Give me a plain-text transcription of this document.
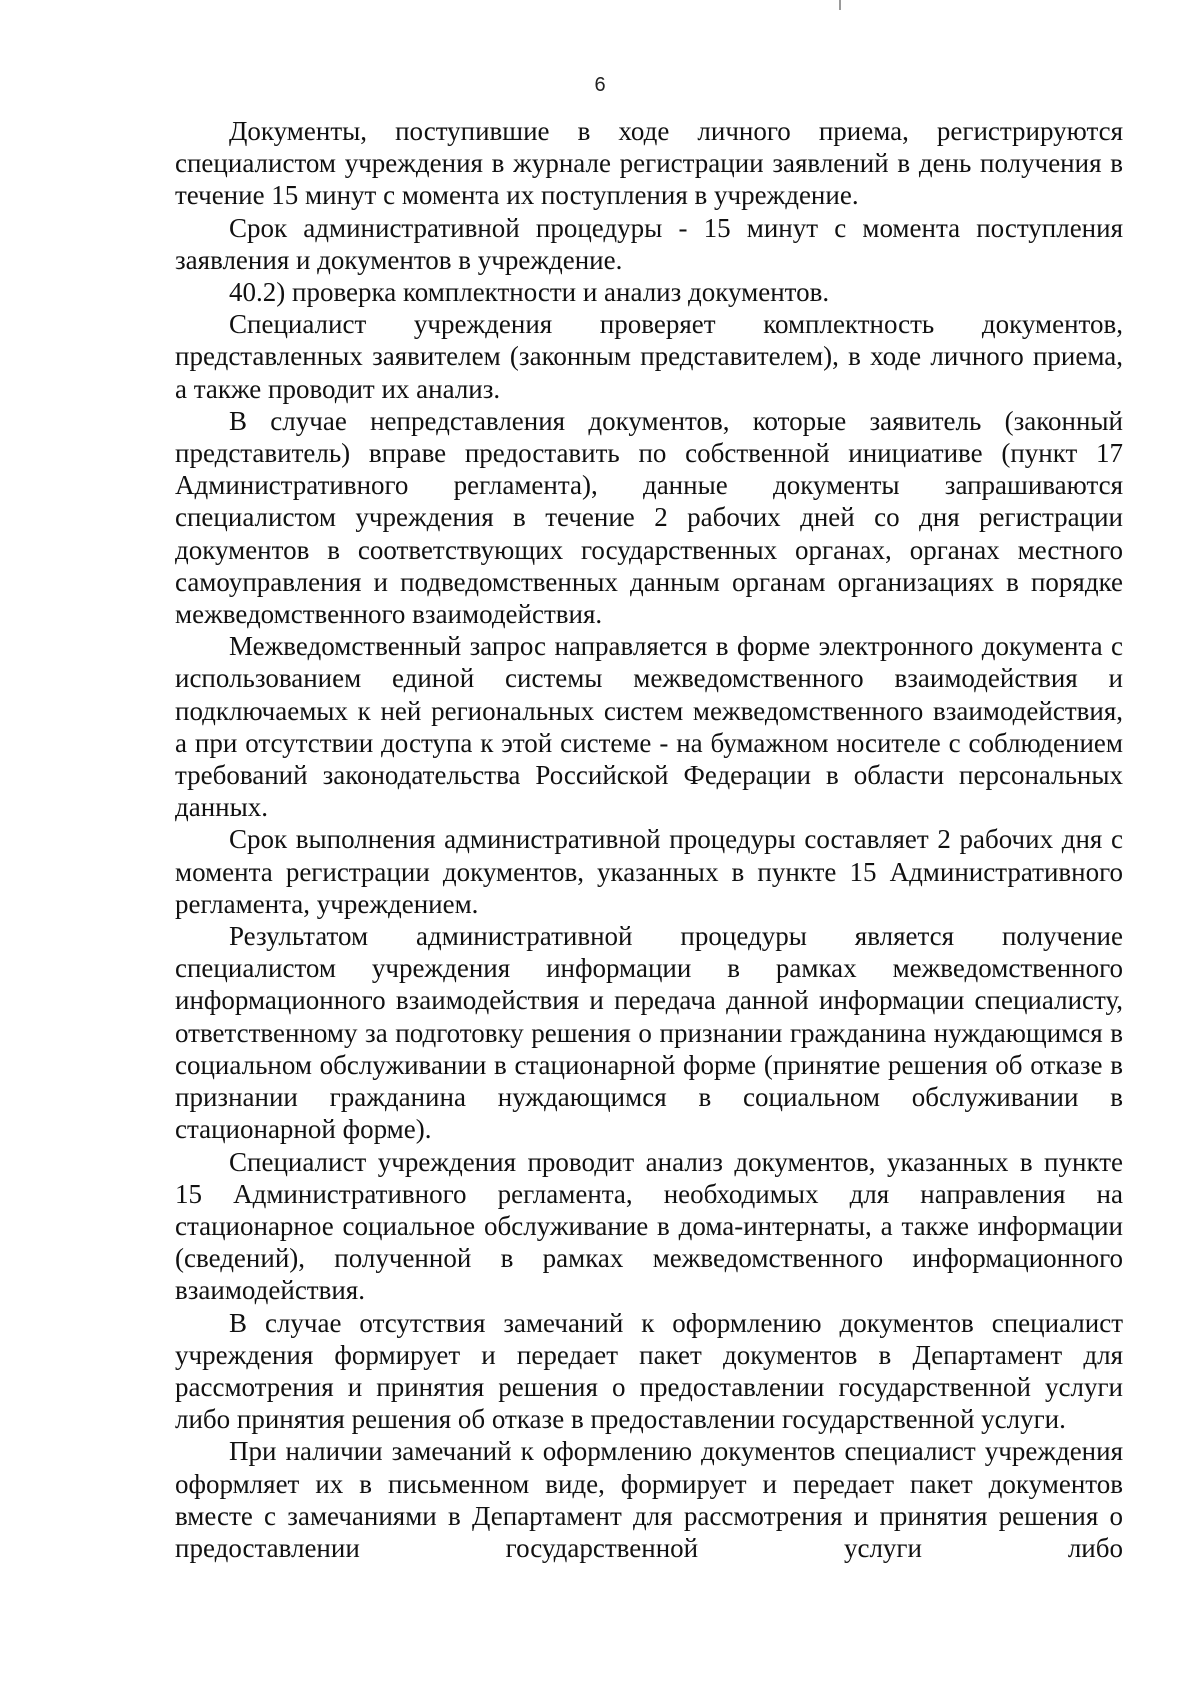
6

Документы, поступившие в ходе личного приема, регистрируются специалистом учреждения в журнале регистрации заявлений в день получения в течение 15 минут с момента их поступления в учреждение.

Срок административной процедуры - 15 минут с момента поступления заявления и документов в учреждение.

40.2) проверка комплектности и анализ документов.

Специалист учреждения проверяет комплектность документов, представленных заявителем (законным представителем), в ходе личного приема, а также проводит их анализ.

В случае непредставления документов, которые заявитель (законный представитель) вправе предоставить по собственной инициативе (пункт 17 Административного регламента), данные документы запрашиваются специалистом учреждения в течение 2 рабочих дней со дня регистрации документов в соответствующих государственных органах, органах местного самоуправления и подведомственных данным органам организациях в порядке межведомственного взаимодействия.

Межведомственный запрос направляется в форме электронного документа с использованием единой системы межведомственного взаимодействия и подключаемых к ней региональных систем межведомственного взаимодействия, а при отсутствии доступа к этой системе - на бумажном носителе с соблюдением требований законодательства Российской Федерации в области персональных данных.

Срок выполнения административной процедуры составляет 2 рабочих дня с момента регистрации документов, указанных в пункте 15 Административного регламента, учреждением.

Результатом административной процедуры является получение специалистом учреждения информации в рамках межведомственного информационного взаимодействия и передача данной информации специалисту, ответственному за подготовку решения о признании гражданина нуждающимся в социальном обслуживании в стационарной форме (принятие решения об отказе в признании гражданина нуждающимся в социальном обслуживании в стационарной форме).

Специалист учреждения проводит анализ документов, указанных в пункте 15 Административного регламента, необходимых для направления на стационарное социальное обслуживание в дома-интернаты, а также информации (сведений), полученной в рамках межведомственного информационного взаимодействия.

В случае отсутствия замечаний к оформлению документов специалист учреждения формирует и передает пакет документов в Департамент для рассмотрения и принятия решения о предоставлении государственной услуги либо принятия решения об отказе в предоставлении государственной услуги.

При наличии замечаний к оформлению документов специалист учреждения оформляет их в письменном виде, формирует и передает пакет документов вместе с замечаниями в Департамент для рассмотрения и принятия решения о предоставлении государственной услуги либо
